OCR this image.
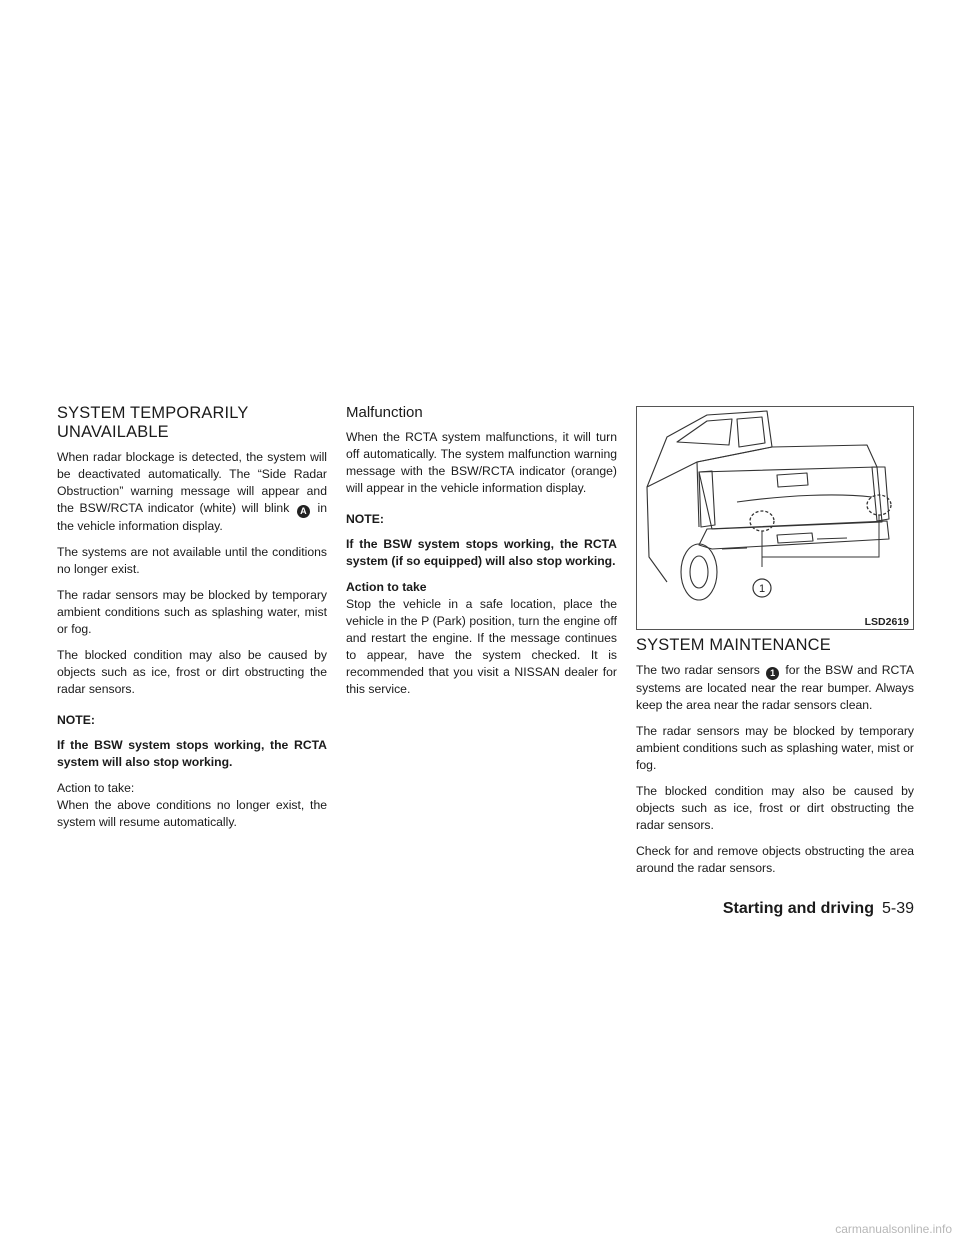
SYSTEM TEMPORARILY UNAVAILABLE

When radar blockage is detected, the system will be deactivated automatically. The “Side Radar Obstruction” warning message will appear and the BSW/RCTA indicator (white) will blink A in the vehicle information display.

The systems are not available until the conditions no longer exist.

The radar sensors may be blocked by temporary ambient conditions such as splashing water, mist or fog.

The blocked condition may also be caused by objects such as ice, frost or dirt obstructing the radar sensors.

NOTE:

If the BSW system stops working, the RCTA system will also stop working.

Action to take:

When the above conditions no longer exist, the system will resume automatically.

Malfunction

When the RCTA system malfunctions, it will turn off automatically. The system malfunction warning message with the BSW/RCTA indicator (orange) will appear in the vehicle information display.

NOTE:

If the BSW system stops working, the RCTA system (if so equipped) will also stop working.

Action to take

Stop the vehicle in a safe location, place the vehicle in the P (Park) position, turn the engine off and restart the engine. If the message continues to appear, have the system checked. It is recommended that you visit a NISSAN dealer for this service.

1
LSD2619
SYSTEM MAINTENANCE

The two radar sensors 1 for the BSW and RCTA systems are located near the rear bumper. Always keep the area near the radar sensors clean.

The radar sensors may be blocked by temporary ambient conditions such as splashing water, mist or fog.

The blocked condition may also be caused by objects such as ice, frost or dirt obstructing the radar sensors.

Check for and remove objects obstructing the area around the radar sensors.

Starting and driving 5-39
carmanualsonline.info
